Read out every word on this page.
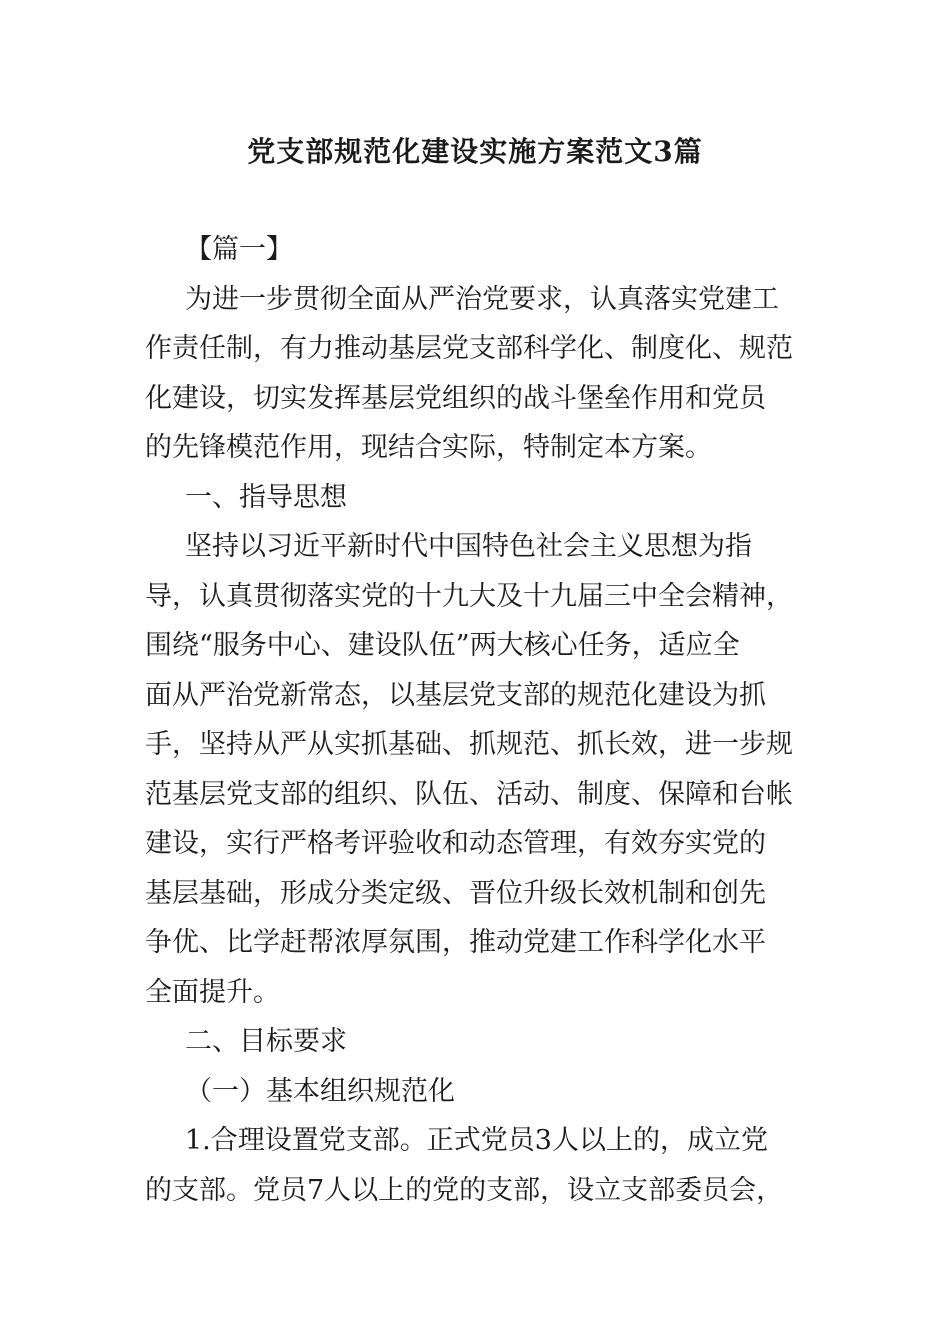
党支部规范化建设实施方案范文3篇
【篇一】
为进一步贯彻全面从严治党要求，认真落实党建工
作责任制，有力推动基层党支部科学化、制度化、规范
化建设，切实发挥基层党组织的战斗堡垒作用和党员
的先锋模范作用，现结合实际，特制定本方案。
一、指导思想
坚持以习近平新时代中国特色社会主义思想为指
导，认真贯彻落实党的十九大及十九届三中全会精神，
围绕“服务中心、建设队伍”两大核心任务，适应全
面从严治党新常态，以基层党支部的规范化建设为抓
手，坚持从严从实抓基础、抓规范、抓长效，进一步规
范基层党支部的组织、队伍、活动、制度、保障和台帐
建设，实行严格考评验收和动态管理，有效夯实党的
基层基础，形成分类定级、晋位升级长效机制和创先
争优、比学赶帮浓厚氛围，推动党建工作科学化水平
全面提升。
二、目标要求
（一）基本组织规范化
1.合理设置党支部。正式党员3人以上的，成立党
的支部。党员7人以上的党的支部，设立支部委员会，
